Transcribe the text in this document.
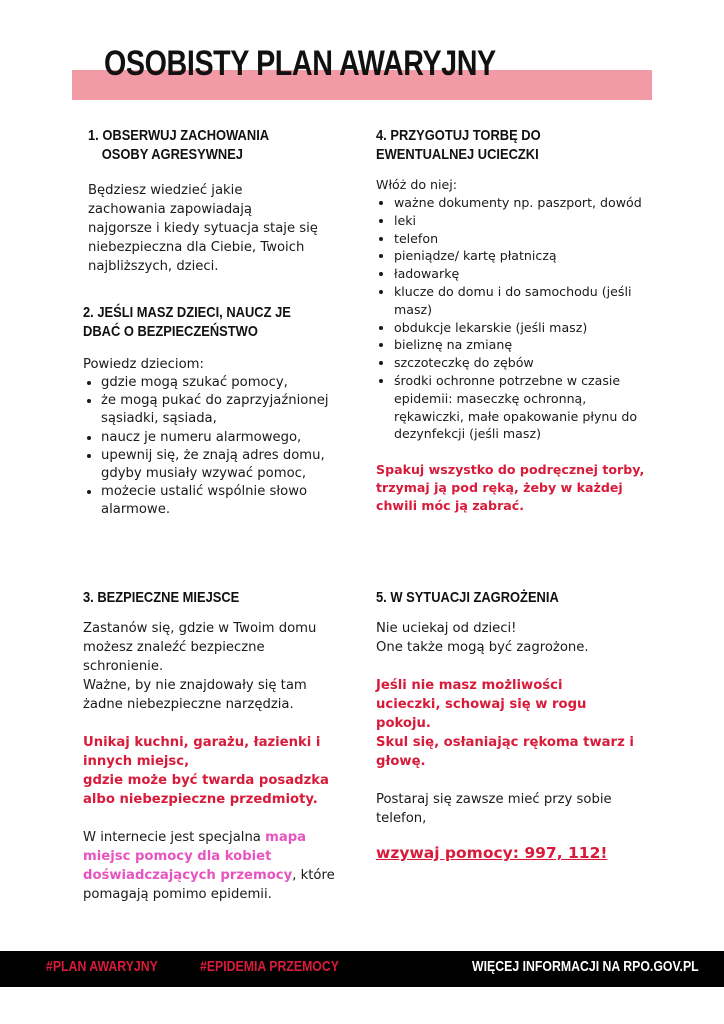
OSOBISTY PLAN AWARYJNY

1. OBSERWUJ ZACHOWANIA

OSOBY AGRESYWNEJ

Będziesz wiedzieć jakie zachowania zapowiadają najgorsze i kiedy sytuacja staje się niebezpieczna dla Ciebie, Twoich najbliższych, dzieci.

2. JEŚLI MASZ DZIECI, NAUCZ JE

DBAĆ O BEZPIECZEŃSTWO

Powiedz dzieciom:

• gdzie mogą szukać pomocy,
• że mogą pukać do zaprzyjaźnionej sąsiadki, sąsiada,
• naucz je numeru alarmowego,
• upewnij się, że znają adres domu, gdyby musiały wzywać pomoc,
• możecie ustalić wspólnie słowo alarmowe.

3. BEZPIECZNE MIEJSCE

Zastanów się, gdzie w Twoim domu możesz znaleźć bezpieczne schronienie.

Ważne, by nie znajdowały się tam żadne niebezpieczne narzędzia.

Unikaj kuchni, garażu, łazienki i innych miejsc,

gdzie może być twarda posadzka albo niebezpieczne przedmioty.

W internecie jest specjalna mapa miejsc pomocy dla kobiet doświadczających przemocy, które pomagają pomimo epidemii.

4. PRZYGOTUJ TORBĘ DO

EWENTUALNEJ UCIECZKI

Włóż do niej:

• ważne dokumenty np. paszport, dowód
• leki
• telefon
• pieniądze/ kartę płatniczą
• ładowarkę
• klucze do domu i do samochodu (jeśli masz)
• obdukcje lekarskie (jeśli masz)
• bieliznę na zmianę
• szczoteczkę do zębów
• środki ochronne potrzebne w czasie epidemii: maseczkę ochronną, rękawiczki, małe opakowanie płynu do dezynfekcji (jeśli masz)

Spakuj wszystko do podręcznej torby, trzymaj ją pod ręką, żeby w każdej chwili móc ją zabrać.

5. W SYTUACJI ZAGROŻENIA

Nie uciekaj od dzieci!

One także mogą być zagrożone.

Jeśli nie masz możliwości ucieczki, schowaj się w rogu pokoju.

Skul się, osłaniając rękoma twarz i głowę.

Postaraj się zawsze mieć przy sobie telefon,

wzywaj pomocy: 997, 112!

#PLAN AWARYJNY	#EPIDEMIA PRZEMOCY	WIĘCEJ INFORMACJI NA RPO.GOV.PL
